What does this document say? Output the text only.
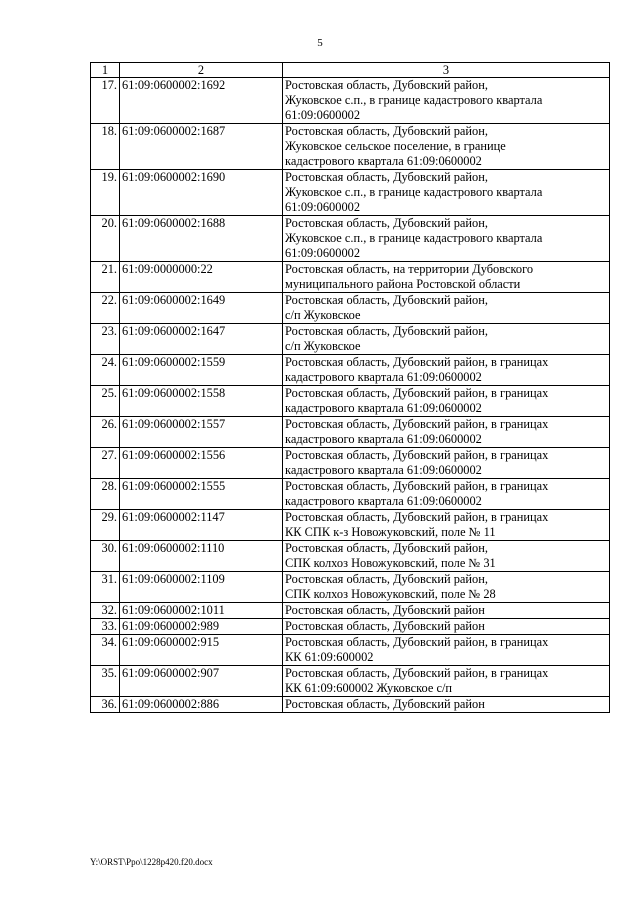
5
1	2	3
17.	61:09:0600002:1692	Ростовская область, Дубовский район,
Жуковское с.п., в границе кадастрового квартала
61:09:0600002
18.	61:09:0600002:1687	Ростовская область, Дубовский район,
Жуковское сельское поселение, в границе
кадастрового квартала 61:09:0600002
19.	61:09:0600002:1690	Ростовская область, Дубовский район,
Жуковское с.п., в границе кадастрового квартала
61:09:0600002
20.	61:09:0600002:1688	Ростовская область, Дубовский район,
Жуковское с.п., в границе кадастрового квартала
61:09:0600002
21.	61:09:0000000:22	Ростовская область, на территории Дубовского
муниципального района Ростовской области
22.	61:09:0600002:1649	Ростовская область, Дубовский район,
с/п Жуковское
23.	61:09:0600002:1647	Ростовская область, Дубовский район,
с/п Жуковское
24.	61:09:0600002:1559	Ростовская область, Дубовский район, в границах
кадастрового квартала 61:09:0600002
25.	61:09:0600002:1558	Ростовская область, Дубовский район, в границах
кадастрового квартала 61:09:0600002
26.	61:09:0600002:1557	Ростовская область, Дубовский район, в границах
кадастрового квартала 61:09:0600002
27.	61:09:0600002:1556	Ростовская область, Дубовский район, в границах
кадастрового квартала 61:09:0600002
28.	61:09:0600002:1555	Ростовская область, Дубовский район, в границах
кадастрового квартала 61:09:0600002
29.	61:09:0600002:1147	Ростовская область, Дубовский район, в границах
КК СПК к-з Новожуковский, поле № 11
30.	61:09:0600002:1110	Ростовская область, Дубовский район,
СПК колхоз Новожуковский, поле № 31
31.	61:09:0600002:1109	Ростовская область, Дубовский район,
СПК колхоз Новожуковский, поле № 28
32.	61:09:0600002:1011	Ростовская область, Дубовский район
33.	61:09:0600002:989	Ростовская область, Дубовский район
34.	61:09:0600002:915	Ростовская область, Дубовский район, в границах
КК 61:09:600002
35.	61:09:0600002:907	Ростовская область, Дубовский район, в границах
КК 61:09:600002 Жуковское с/п
36.	61:09:0600002:886	Ростовская область, Дубовский район
Y:\ORST\Ppo\1228p420.f20.docx
